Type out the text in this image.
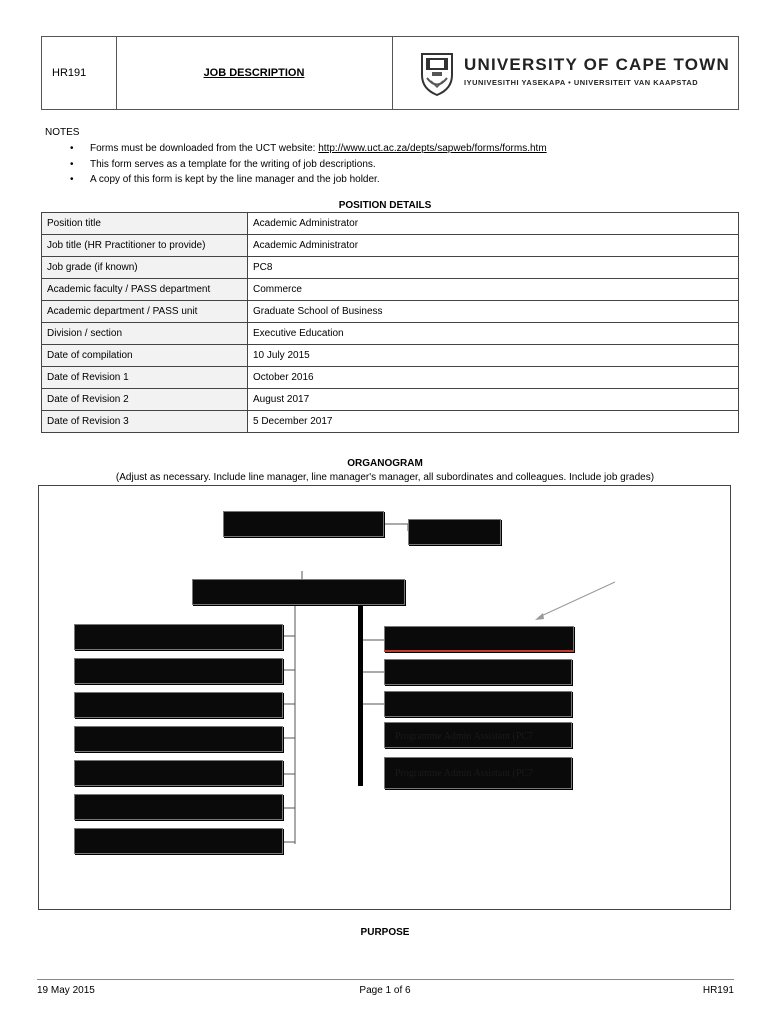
HR191	JOB DESCRIPTION	UNIVERSITY OF CAPE TOWN
IYUNIVESITHI YASEKAPA • UNIVERSITEIT VAN KAAPSTAD
NOTES
• Forms must be downloaded from the UCT website: http://www.uct.ac.za/depts/sapweb/forms/forms.htm
• This form serves as a template for the writing of job descriptions.
• A copy of this form is kept by the line manager and the job holder.
POSITION DETAILS
Position title	Academic Administrator
Job title (HR Practitioner to provide)	Academic Administrator
Job grade (if known)	PC8
Academic faculty / PASS department	Commerce
Academic department / PASS unit	Graduate School of Business
Division / section	Executive Education
Date of compilation	10 July 2015
Date of Revision 1	October 2016
Date of Revision 2	August 2017
Date of Revision 3	5 December 2017
ORGANOGRAM
(Adjust as necessary. Include line manager, line manager's manager, all subordinates and colleagues. Include job grades)
Programme Admin Assistant (PC7
Programme Admin Assistant (PC7
PURPOSE
19 May 2015	Page 1 of 6	HR191
